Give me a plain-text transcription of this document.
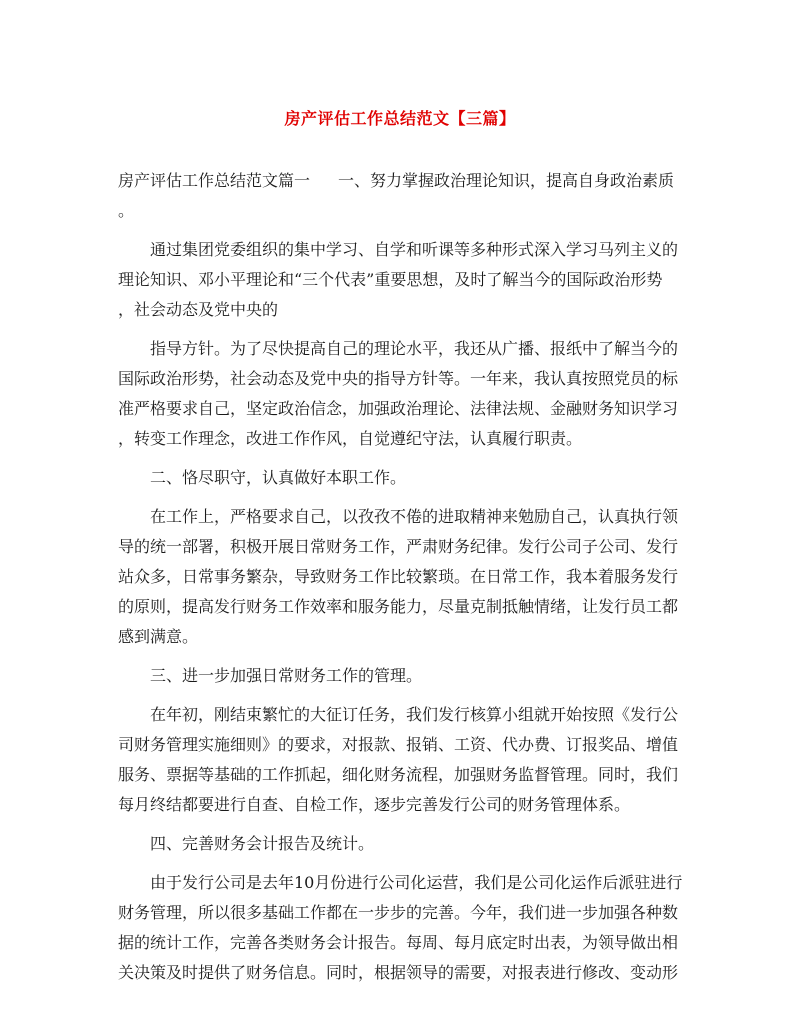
房产评估工作总结范文【三篇】
房产评估工作总结范文篇一 一、努力掌握政治理论知识，提高自身政治素质
。
通过集团党委组织的集中学习、自学和听课等多种形式深入学习马列主义的
理论知识、邓小平理论和“三个代表”重要思想，及时了解当今的国际政治形势
，社会动态及党中央的
指导方针。为了尽快提高自己的理论水平，我还从广播、报纸中了解当今的
国际政治形势，社会动态及党中央的指导方针等。一年来，我认真按照党员的标
准严格要求自己，坚定政治信念，加强政治理论、法律法规、金融财务知识学习
，转变工作理念，改进工作作风，自觉遵纪守法，认真履行职责。
二、恪尽职守，认真做好本职工作。
在工作上，严格要求自己，以孜孜不倦的进取精神来勉励自己，认真执行领
导的统一部署，积极开展日常财务工作，严肃财务纪律。发行公司子公司、发行
站众多，日常事务繁杂，导致财务工作比较繁琐。在日常工作，我本着服务发行
的原则，提高发行财务工作效率和服务能力，尽量克制抵触情绪，让发行员工都
感到满意。
三、进一步加强日常财务工作的管理。
在年初，刚结束繁忙的大征订任务，我们发行核算小组就开始按照《发行公
司财务管理实施细则》的要求，对报款、报销、工资、代办费、订报奖品、增值
服务、票据等基础的工作抓起，细化财务流程，加强财务监督管理。同时，我们
每月终结都要进行自查、自检工作，逐步完善发行公司的财务管理体系。
四、完善财务会计报告及统计。
由于发行公司是去年10月份进行公司化运营，我们是公司化运作后派驻进行
财务管理，所以很多基础工作都在一步步的完善。今年，我们进一步加强各种数
据的统计工作，完善各类财务会计报告。每周、每月底定时出表，为领导做出相
关决策及时提供了财务信息。同时，根据领导的需要，对报表进行修改、变动形
